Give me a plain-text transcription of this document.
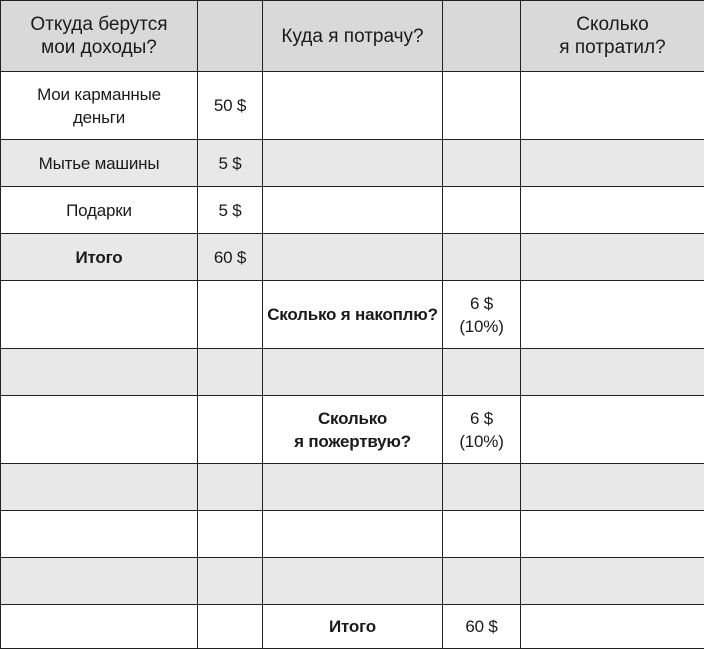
Откуда берутся
мои доходы?		Куда я потрачу?		Сколько
я потратил?
Мои карманные
деньги	50 $			
Мытье машины	5 $			
Подарки	5 $			
Итого	60 $			
		Сколько я накоплю?	6 $
(10%)	

		Сколько
я пожертвую?	6 $
(10%)	

		Итого	60 $	
